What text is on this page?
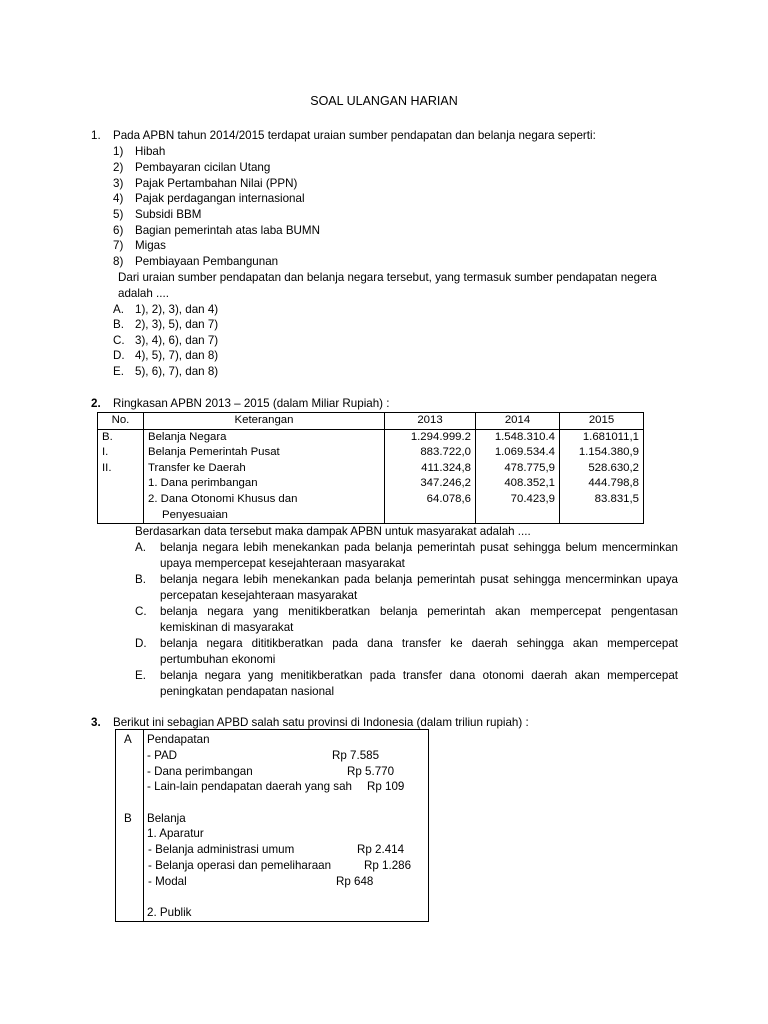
SOAL ULANGAN HARIAN
1. Pada APBN tahun 2014/2015 terdapat uraian sumber pendapatan dan belanja negara seperti:
1) Hibah
2) Pembayaran cicilan Utang
3) Pajak Pertambahan Nilai (PPN)
4) Pajak perdagangan internasional
5) Subsidi BBM
6) Bagian pemerintah atas laba BUMN
7) Migas
8) Pembiayaan Pembangunan
Dari uraian sumber pendapatan dan belanja negara tersebut, yang termasuk sumber pendapatan negera
adalah ....
A. 1), 2), 3), dan 4)
B. 2), 3), 5), dan 7)
C. 3), 4), 6), dan 7)
D. 4), 5), 7), dan 8)
E. 5), 6), 7), dan 8)
2. Ringkasan APBN 2013 – 2015 (dalam Miliar Rupiah) :
No.	Keterangan	2013	2014	2015
B.	Belanja Negara	1.294.999.2	1.548.310.4	1.681011,1
I.	Belanja Pemerintah Pusat	883.722,0	1.069.534.4	1.154.380,9
II.	Transfer ke Daerah	411.324,8	478.775,9	528.630,2
	1. Dana perimbangan	347.246,2	408.352,1	444.798,8
	2. Dana Otonomi Khusus dan	64.078,6	70.423,9	83.831,5
	Penyesuaian			
Berdasarkan data tersebut maka dampak APBN untuk masyarakat adalah ....
A. belanja negara lebih menekankan pada belanja pemerintah pusat sehingga belum mencerminkan
upaya mempercepat kesejahteraan masyarakat
B. belanja negara lebih menekankan pada belanja pemerintah pusat sehingga mencerminkan upaya
percepatan kesejahteraan masyarakat
C. belanja negara yang menitikberatkan belanja pemerintah akan mempercepat pengentasan
kemiskinan di masyarakat
D. belanja negara dititikberatkan pada dana transfer ke daerah sehingga akan mempercepat
pertumbuhan ekonomi
E. belanja negara yang menitikberatkan pada transfer dana otonomi daerah akan mempercepat
peningkatan pendapatan nasional
3. Berikut ini sebagian APBD salah satu provinsi di Indonesia (dalam triliun rupiah) :
A Pendapatan
- PAD	Rp 7.585
- Dana perimbangan	Rp 5.770
- Lain-lain pendapatan daerah yang sah Rp 109
B Belanja
1. Aparatur
- Belanja administrasi umum	Rp 2.414
- Belanja operasi dan pemeliharaan	Rp 1.286
- Modal	Rp 648
2. Publik
